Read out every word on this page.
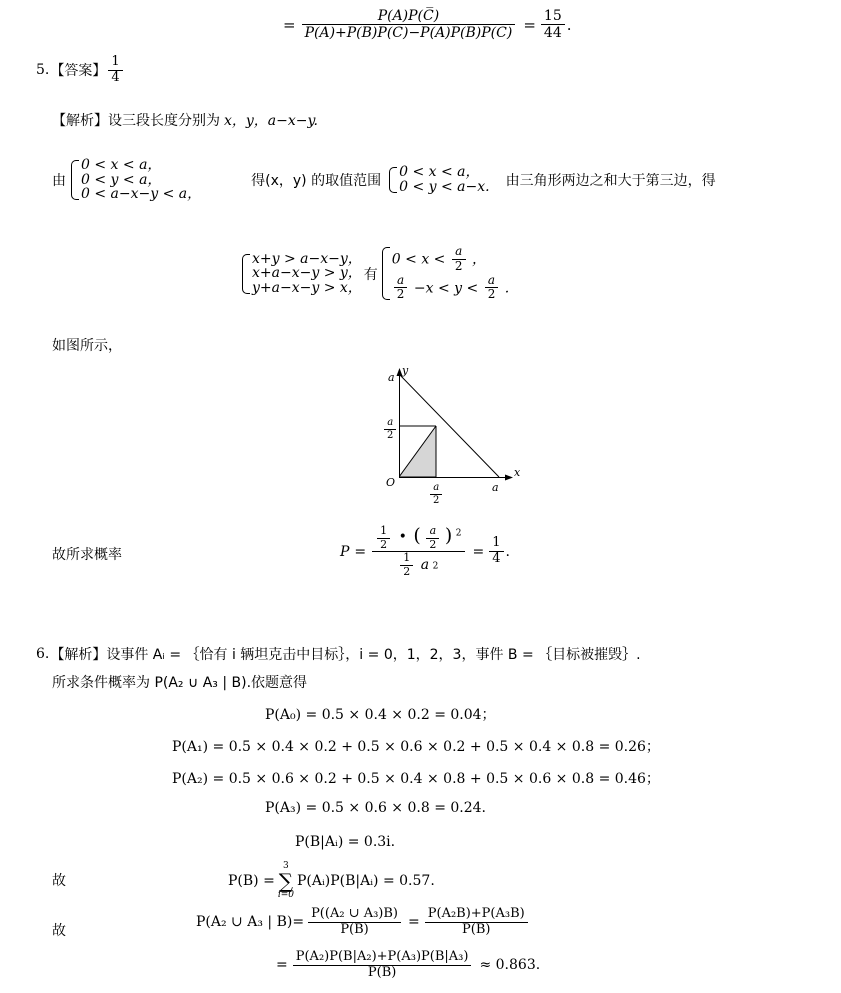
= $\frac{P(A)P(C̅)}{P(A)+P(B)P(C)-P(A)P(B)P(C)} = \frac{15}{44}$ .
5. 【答案】 $\frac{1}{4}$
【解析】 设三段长度分别为 x，y，a−x−y.
由
0 < x < a，
0 < y < a，
0 < a−x−y < a，
得(x，y) 的取值范围
0 < x < a，
0 < y < a−x. 由三角形两边之和大于第三边，得
x+y > a−x−y，
x+a−x−y > y，
y+a−x−y > x，
有
$0 < x < \frac{a}{2}$ ，
$\frac{a}{2} -x < y < \frac{a}{2}$ .
如图所示，
y
x
O
a
$\frac{a}{2}$
$\frac{a}{2}$	a
故所求概率	P =
$\frac{1}{2}$ • ( $\frac{a}{2}$ ) $^2$
$\frac{1}{2}$ a 2
= $\frac{1}{4}$ .
6. 【解析】 设事件 Aᵢ = ｛恰有 i 辆坦克击中目标｝，i = 0，1，2，3，事件 B = ｛目标被摧毁｝.
所求条件概率为 P(A₂ ∪ A₃ | B).依题意得
P(A₀) = 0.5 × 0.4 × 0.2 = 0.04；
P(A₁) = 0.5 × 0.4 × 0.2 + 0.5 × 0.6 × 0.2 + 0.5 × 0.4 × 0.8 = 0.26；
P(A₂) = 0.5 × 0.6 × 0.2 + 0.5 × 0.4 × 0.8 + 0.5 × 0.6 × 0.8 = 0.46；
P(A₃) = 0.5 × 0.6 × 0.8 = 0.24.
P(B|Aᵢ) = 0.3i.
故	P(B) =
3
∑
i=0
P(Aᵢ)P(B|Aᵢ) = 0.57.
故
P(A₂ ∪ A₃ | $B)= \frac{\text{P((A₂ ∪ A₃)B)}}{P(B)} = \frac{\text{P(A₂B)+P(A₃B)}}{P(B)}$
= $\frac{\text{P(A₂)P(B|A₂)+P(A₃)P(B|A₃)}}{P(B)} \approx 0.863$.
